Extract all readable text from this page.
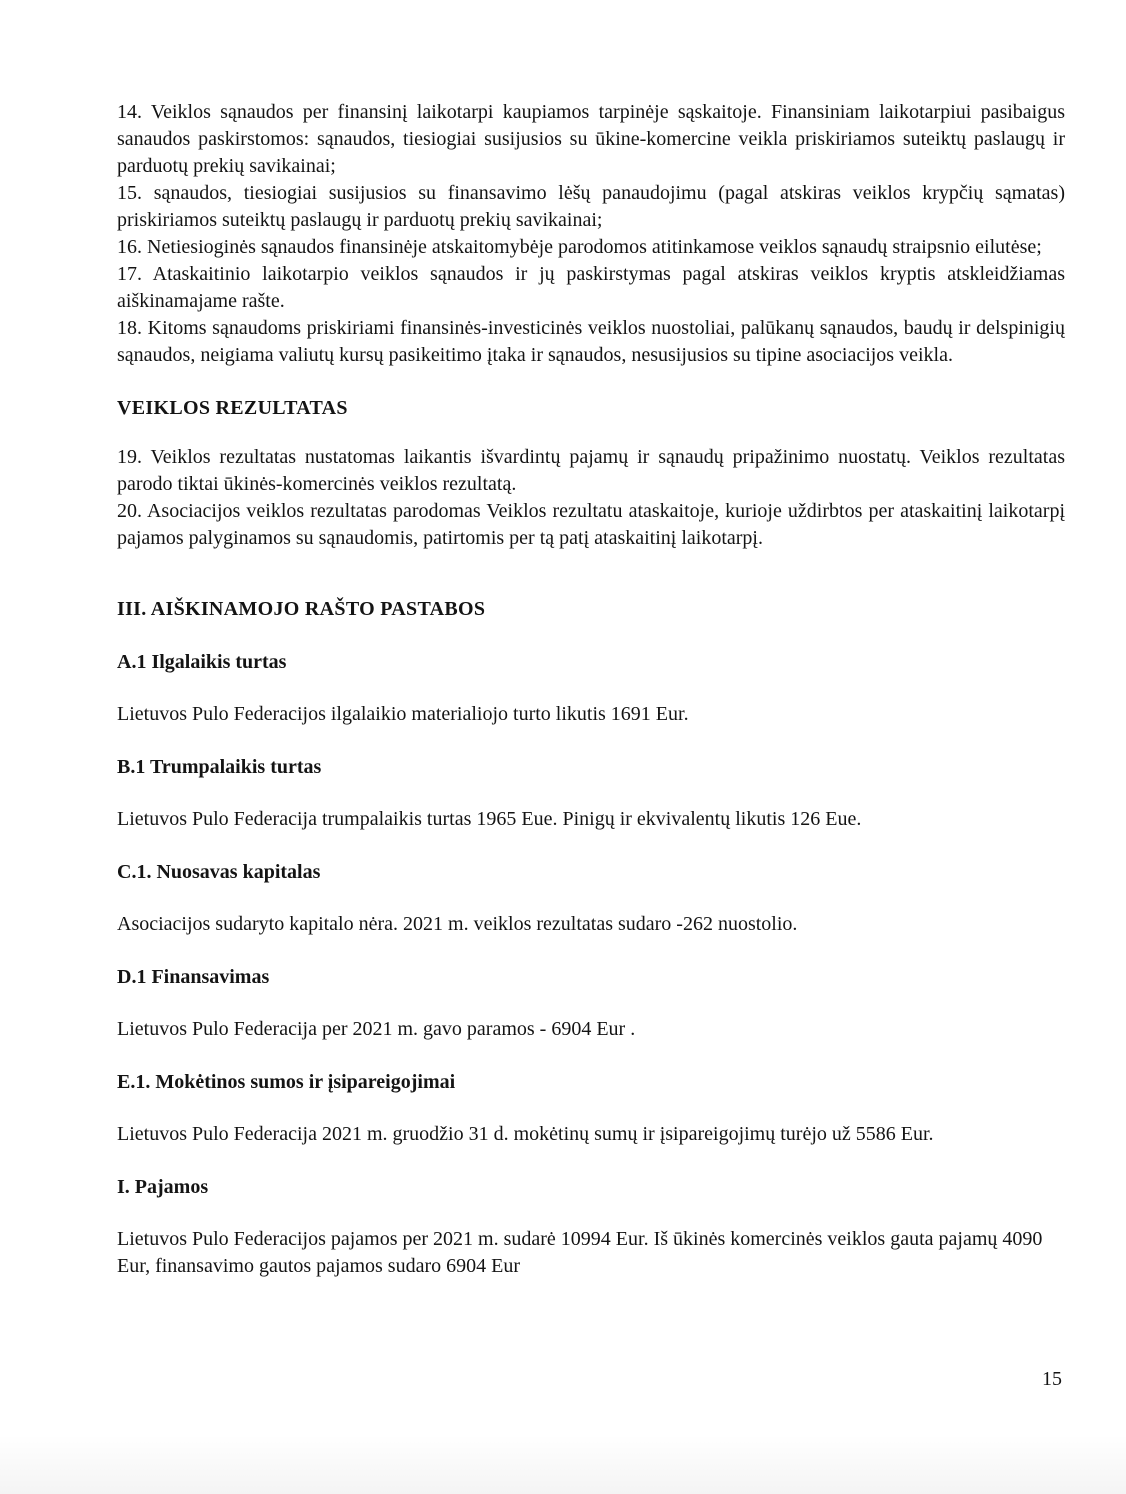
14. Veiklos sąnaudos per finansinį laikotarpi kaupiamos tarpinėje sąskaitoje. Finansiniam laikotarpiui pasibaigus sanaudos paskirstomos: sąnaudos, tiesiogiai susijusios su ūkine-komercine veikla priskiriamos suteiktų paslaugų ir parduotų prekių savikainai;

15. sąnaudos, tiesiogiai susijusios su finansavimo lėšų panaudojimu (pagal atskiras veiklos krypčių sąmatas) priskiriamos suteiktų paslaugų ir parduotų prekių savikainai;

16. Netiesioginės sąnaudos finansinėje atskaitomybėje parodomos atitinkamose veiklos sąnaudų straipsnio eilutėse;

17. Ataskaitinio laikotarpio veiklos sąnaudos ir jų paskirstymas pagal atskiras veiklos kryptis atskleidžiamas aiškinamajame rašte.

18. Kitoms sąnaudoms priskiriami finansinės-investicinės veiklos nuostoliai, palūkanų sąnaudos, baudų ir delspinigių sąnaudos, neigiama valiutų kursų pasikeitimo įtaka ir sąnaudos, nesusijusios su tipine asociacijos veikla.

VEIKLOS REZULTATAS

19. Veiklos rezultatas nustatomas laikantis išvardintų pajamų ir sąnaudų pripažinimo nuostatų. Veiklos rezultatas parodo tiktai ūkinės-komercinės veiklos rezultatą.

20. Asociacijos veiklos rezultatas parodomas Veiklos rezultatu ataskaitoje, kurioje uždirbtos per ataskaitinį laikotarpį pajamos palyginamos su sąnaudomis, patirtomis per tą patį ataskaitinį laikotarpį.

III. AIŠKINAMOJO RAŠTO PASTABOS

A.1 Ilgalaikis turtas

Lietuvos Pulo Federacijos ilgalaikio materialiojo turto likutis 1691 Eur.

B.1 Trumpalaikis turtas

Lietuvos Pulo Federacija trumpalaikis turtas 1965 Eue. Pinigų ir ekvivalentų likutis 126 Eue.

C.1. Nuosavas kapitalas

Asociacijos sudaryto kapitalo nėra. 2021 m. veiklos rezultatas sudaro -262 nuostolio.

D.1 Finansavimas

Lietuvos Pulo Federacija per 2021 m. gavo paramos - 6904 Eur .

E.1. Mokėtinos sumos ir įsipareigojimai

Lietuvos Pulo Federacija 2021 m. gruodžio 31 d. mokėtinų sumų ir įsipareigojimų turėjo už 5586 Eur.

I. Pajamos

Lietuvos Pulo Federacijos pajamos per 2021 m. sudarė 10994 Eur. Iš ūkinės komercinės veiklos gauta pajamų 4090 Eur, finansavimo gautos pajamos sudaro 6904 Eur

15
